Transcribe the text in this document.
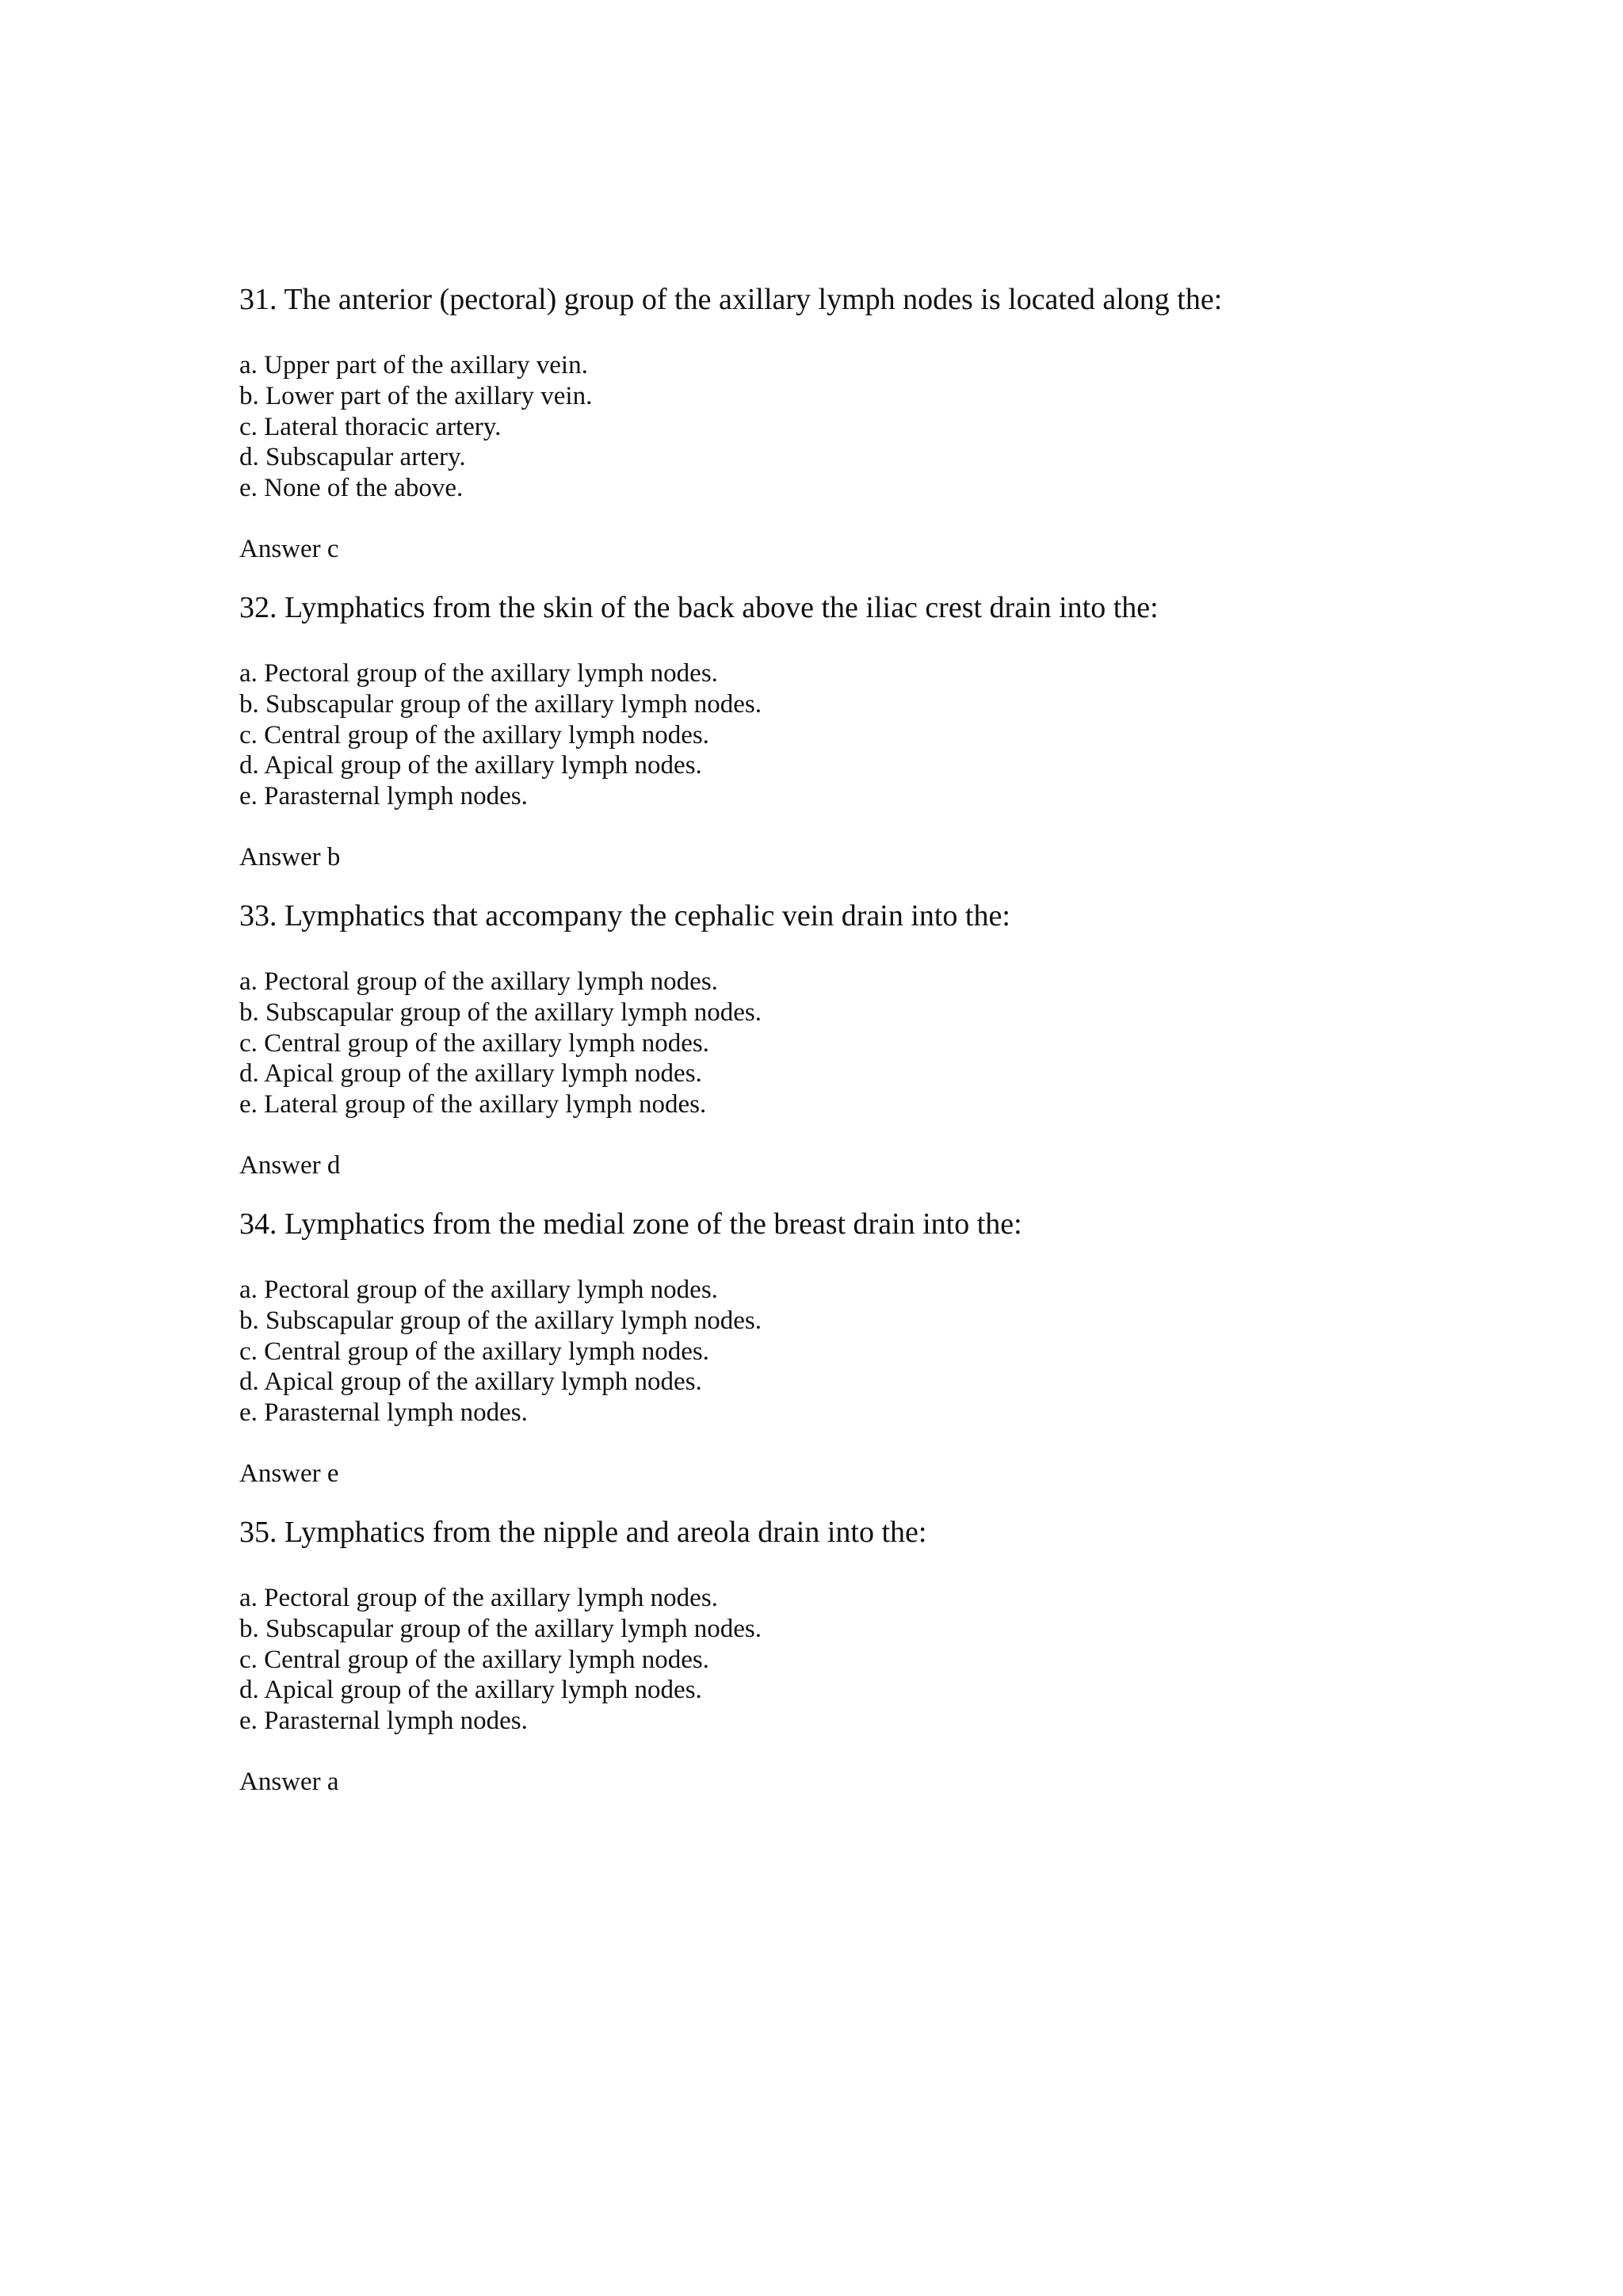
31. The anterior (pectoral) group of the axillary lymph nodes is located along the:

a. Upper part of the axillary vein.
b. Lower part of the axillary vein.
c. Lateral thoracic artery.
d. Subscapular artery.
e. None of the above.
Answer c

32. Lymphatics from the skin of the back above the iliac crest drain into the:

a. Pectoral group of the axillary lymph nodes.
b. Subscapular group of the axillary lymph nodes.
c. Central group of the axillary lymph nodes.
d. Apical group of the axillary lymph nodes.
e. Parasternal lymph nodes.
Answer b

33. Lymphatics that accompany the cephalic vein drain into the:

a. Pectoral group of the axillary lymph nodes.
b. Subscapular group of the axillary lymph nodes.
c. Central group of the axillary lymph nodes.
d. Apical group of the axillary lymph nodes.
e. Lateral group of the axillary lymph nodes.
Answer d

34. Lymphatics from the medial zone of the breast drain into the:

a. Pectoral group of the axillary lymph nodes.
b. Subscapular group of the axillary lymph nodes.
c. Central group of the axillary lymph nodes.
d. Apical group of the axillary lymph nodes.
e. Parasternal lymph nodes.
Answer e

35. Lymphatics from the nipple and areola drain into the:

a. Pectoral group of the axillary lymph nodes.
b. Subscapular group of the axillary lymph nodes.
c. Central group of the axillary lymph nodes.
d. Apical group of the axillary lymph nodes.
e. Parasternal lymph nodes.
Answer a
